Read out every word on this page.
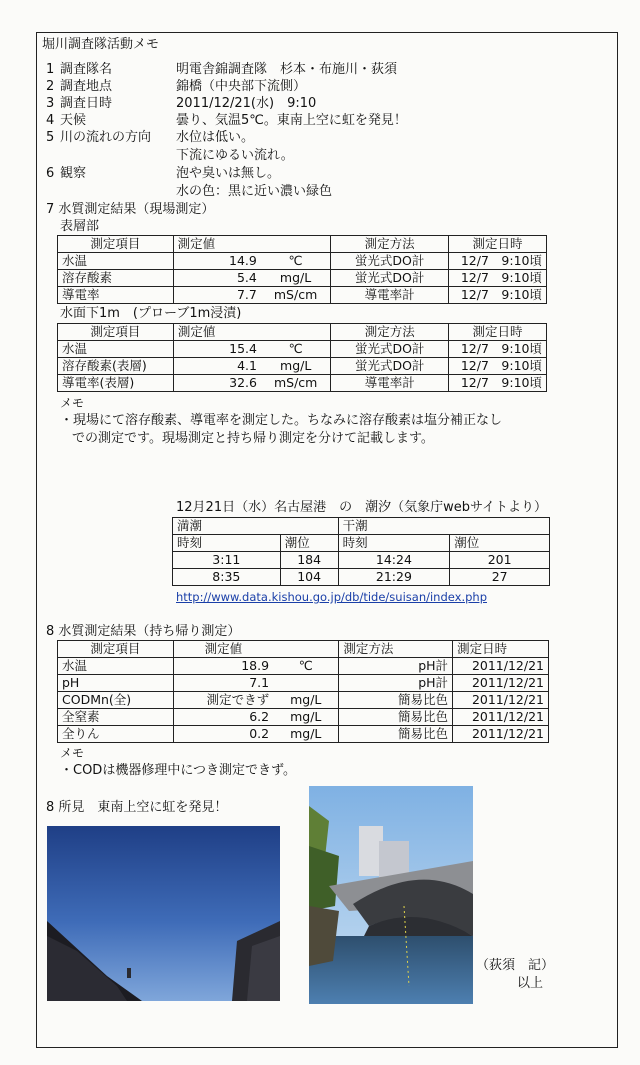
堀川調査隊活動メモ
1 調査隊名	明電舎錦調査隊　杉本・布施川・荻須
2 調査地点	錦橋（中央部下流側）
3 調査日時	2011/12/21(水)　9:10
4 天候	曇り、気温5℃。東南上空に虹を発見！
5 川の流れの方向 水位は低い。
下流にゆるい流れ。
6 観察	泡や臭いは無し。
水の色：黒に近い濃い緑色
7 水質測定結果（現場測定）
表層部
測定項目	測定値		測定方法	測定日時
水温	14.9	℃	蛍光式DO計	12/7　9:10頃
溶存酸素	5.4	mg/L	蛍光式DO計	12/7　9:10頃
導電率	7.7	mS/cm	導電率計	12/7　9:10頃
水面下1m　(プローブ1m浸漬)
測定項目	測定値		測定方法	測定日時
水温	15.4	℃	蛍光式DO計	12/7　9:10頃
溶存酸素(表層)	4.1	mg/L	蛍光式DO計	12/7　9:10頃
導電率(表層)	32.6	mS/cm	導電率計	12/7　9:10頃
メモ
・現場にて溶存酸素、導電率を測定した。ちなみに溶存酸素は塩分補正なし
での測定です。現場測定と持ち帰り測定を分けて記載します。
12月21日（水）名古屋港　の　潮汐（気象庁webサイトより）
満潮		干潮	
時刻	潮位	時刻	潮位
3:11	184	14:24	201
8:35	104	21:29	27
http://www.data.kishou.go.jp/db/tide/suisan/index.php
8 水質測定結果（持ち帰り測定）
測定項目	測定値		測定方法	測定日時
水温	18.9	℃	pH計	2011/12/21
pH	7.1		pH計	2011/12/21
CODMn(全)	測定できず	mg/L	簡易比色	2011/12/21
全窒素	6.2	mg/L	簡易比色	2011/12/21
全りん	0.2	mg/L	簡易比色	2011/12/21
メモ
・CODは機器修理中につき測定できず。
8 所見　東南上空に虹を発見！
（荻須　記）
以上
